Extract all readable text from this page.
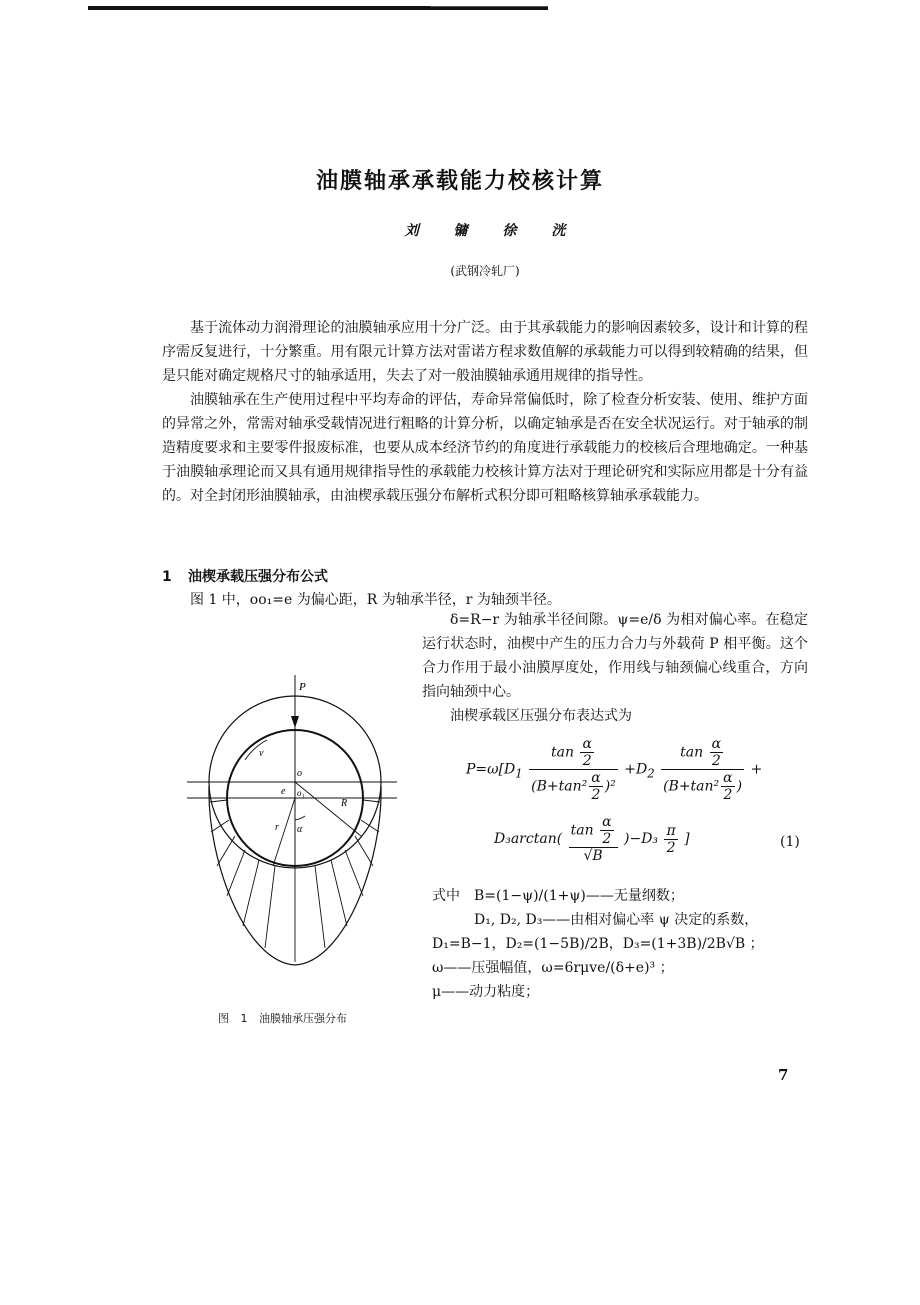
油膜轴承承载能力校核计算
刘 镛 徐 洸
(武钢冷轧厂)

基于流体动力润滑理论的油膜轴承应用十分广泛。由于其承载能力的影响因素较多，设计和计算的程序需反复进行，十分繁重。用有限元计算方法对雷诺方程求数值解的承载能力可以得到较精确的结果，但是只能对确定规格尺寸的轴承适用，失去了对一般油膜轴承通用规律的指导性。

油膜轴承在生产使用过程中平均寿命的评估，寿命异常偏低时，除了检查分析安装、使用、维护方面的异常之外，常需对轴承受载情况进行粗略的计算分析，以确定轴承是否在安全状况运行。对于轴承的制造精度要求和主要零件报废标准，也要从成本经济节约的角度进行承载能力的校核后合理地确定。一种基于油膜轴承理论而又具有通用规律指导性的承载能力校核计算方法对于理论研究和实际应用都是十分有益的。对全封闭形油膜轴承，由油楔承载压强分布解析式积分即可粗略核算轴承承载能力。

1 油楔承载压强分布公式
图 1 中，oo₁=e 为偏心距，R 为轴承半径，r 为轴颈半径。

δ=R−r 为轴承半径间隙。ψ=e/δ 为相对偏心率。在稳定运行状态时，油楔中产生的压力合力与外载荷 P 相平衡。这个合力作用于最小油膜厚度处，作用线与轴颈偏心线重合，方向指向轴颈中心。

油楔承载区压强分布表达式为

P
o
o₁
e
R
r
v
α
图 1 油膜轴承压强分布
$P=\omega[D_1 \frac{\tan \frac{\alpha}{2}}{(B+\tan^2 \frac{\alpha}{2} )^2} +D_2 \frac{\tan \frac{\alpha}{2}}{(B+\tan^2 \frac{\alpha}{2} )}$ +
$D_3\arctan( \frac{\tan \frac{\alpha}{2}}{√B} )-D_3 \frac{\pi}{2}$ ]	(1)
式中　B=(1−ψ)/(1+ψ)——无量纲数；
　　　D₁, D₂, D₃——由相对偏心率 ψ 决定的系数，
D₁=B−1，D₂=(1−5B)/2B，D₃=(1+3B)/2B√B ；
ω——压强幅值，ω=6rμve/(δ+e)³ ；
μ——动力粘度；
7
